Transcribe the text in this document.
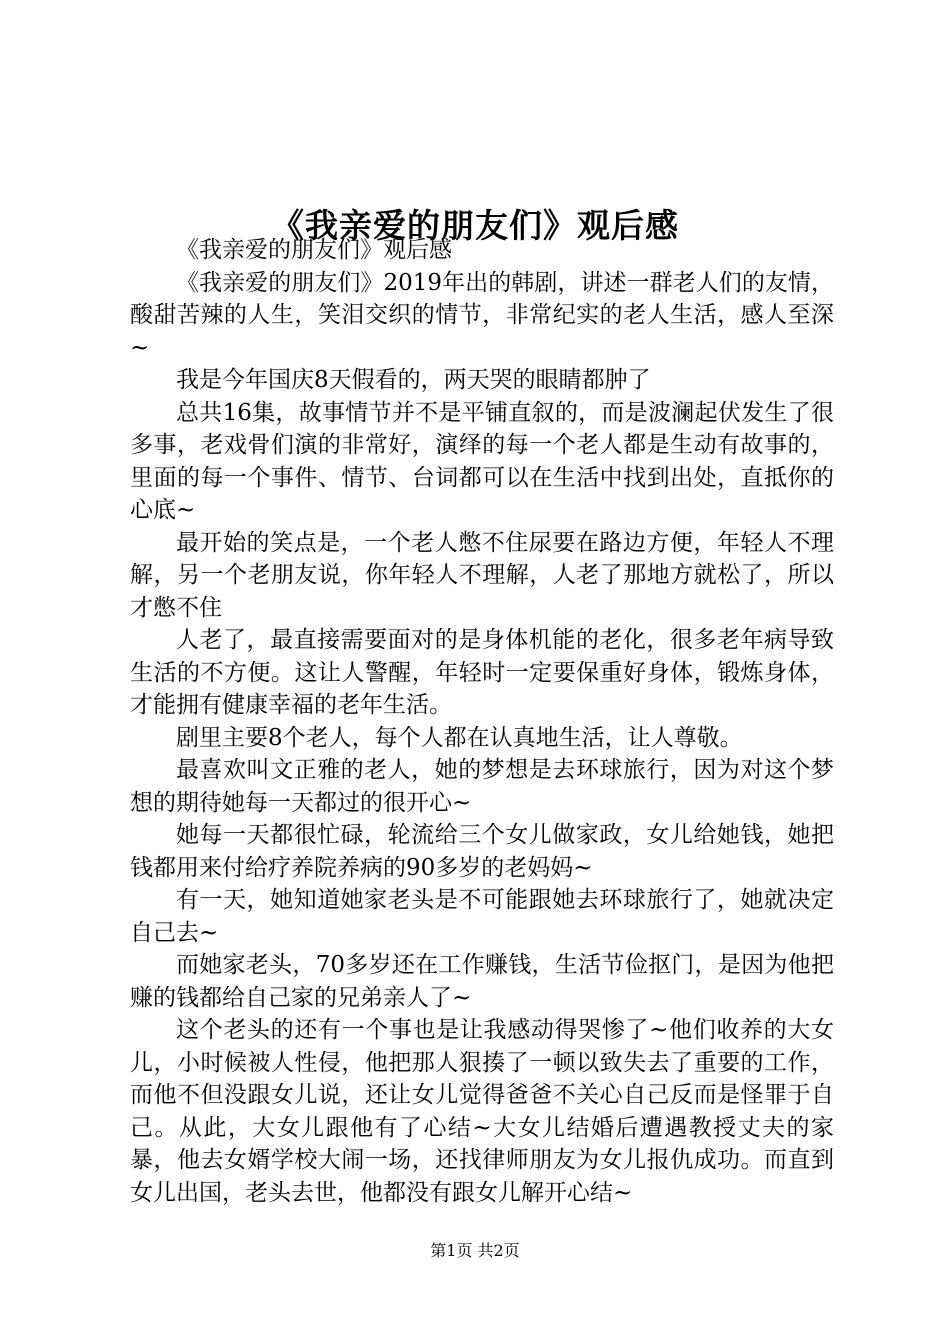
《我亲爱的朋友们》观后感

《我亲爱的朋友们》观后感

《我亲爱的朋友们》2019年出的韩剧，讲述一群老人们的友情，酸甜苦辣的人生，笑泪交织的情节，非常纪实的老人生活，感人至深~

我是今年国庆8天假看的，两天哭的眼睛都肿了

总共16集，故事情节并不是平铺直叙的，而是波澜起伏发生了很多事，老戏骨们演的非常好，演绎的每一个老人都是生动有故事的，里面的每一个事件、情节、台词都可以在生活中找到出处，直抵你的心底~

最开始的笑点是，一个老人憋不住尿要在路边方便，年轻人不理解，另一个老朋友说，你年轻人不理解，人老了那地方就松了，所以才憋不住

人老了，最直接需要面对的是身体机能的老化，很多老年病导致生活的不方便。这让人警醒，年轻时一定要保重好身体，锻炼身体，才能拥有健康幸福的老年生活。

剧里主要8个老人，每个人都在认真地生活，让人尊敬。

最喜欢叫文正雅的老人，她的梦想是去环球旅行，因为对这个梦想的期待她每一天都过的很开心~

她每一天都很忙碌，轮流给三个女儿做家政，女儿给她钱，她把钱都用来付给疗养院养病的90多岁的老妈妈~

有一天，她知道她家老头是不可能跟她去环球旅行了，她就决定自己去~

而她家老头，70多岁还在工作赚钱，生活节俭抠门，是因为他把赚的钱都给自己家的兄弟亲人了~

这个老头的还有一个事也是让我感动得哭惨了~他们收养的大女儿，小时候被人性侵，他把那人狠揍了一顿以致失去了重要的工作，而他不但没跟女儿说，还让女儿觉得爸爸不关心自己反而是怪罪于自己。从此，大女儿跟他有了心结~大女儿结婚后遭遇教授丈夫的家暴，他去女婿学校大闹一场，还找律师朋友为女儿报仇成功。而直到女儿出国，老头去世，他都没有跟女儿解开心结~

第1页 共2页
